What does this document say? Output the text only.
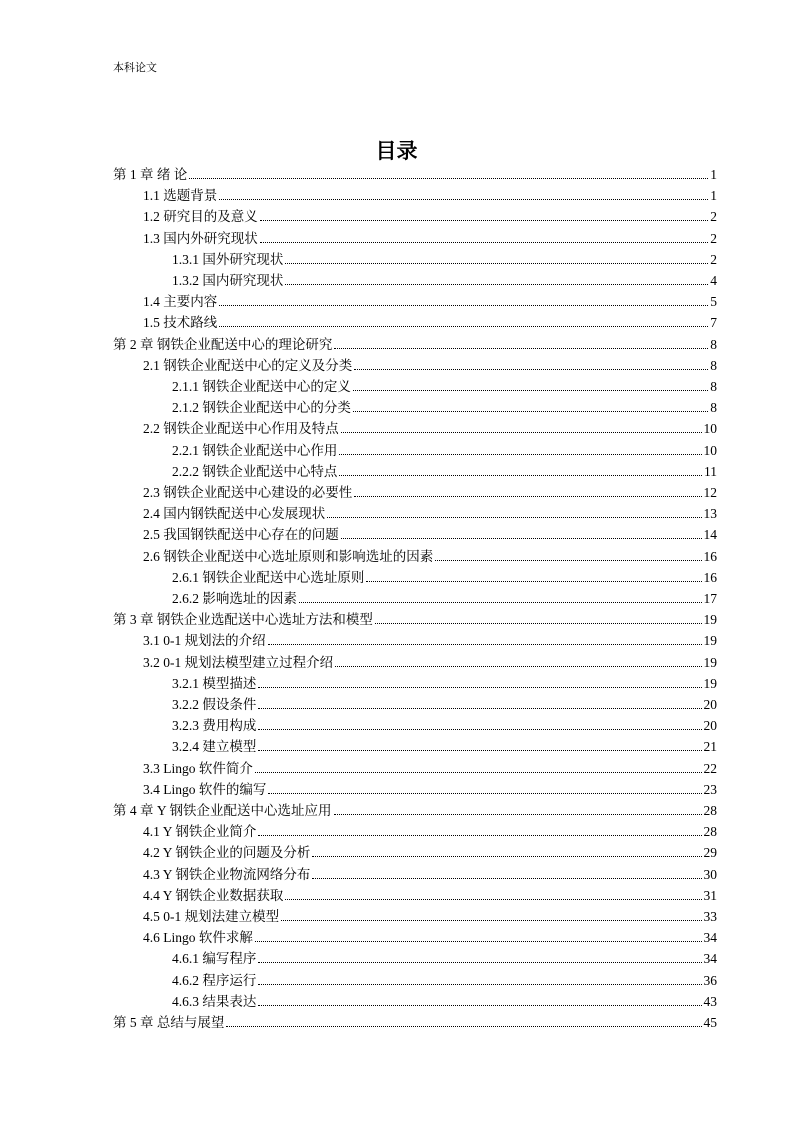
本科论文
目录
第 1 章 绪 论	1
1.1 选题背景	1
1.2 研究目的及意义	2
1.3 国内外研究现状	2
1.3.1 国外研究现状	2
1.3.2 国内研究现状	4
1.4 主要内容	5
1.5 技术路线	7
第 2 章 钢铁企业配送中心的理论研究	8
2.1 钢铁企业配送中心的定义及分类	8
2.1.1 钢铁企业配送中心的定义	8
2.1.2 钢铁企业配送中心的分类	8
2.2 钢铁企业配送中心作用及特点	10
2.2.1 钢铁企业配送中心作用	10
2.2.2 钢铁企业配送中心特点	11
2.3 钢铁企业配送中心建设的必要性	12
2.4 国内钢铁配送中心发展现状	13
2.5 我国钢铁配送中心存在的问题	14
2.6 钢铁企业配送中心选址原则和影响选址的因素	16
2.6.1 钢铁企业配送中心选址原则	16
2.6.2 影响选址的因素	17
第 3 章 钢铁企业选配送中心选址方法和模型	19
3.1 0-1 规划法的介绍	19
3.2 0-1 规划法模型建立过程介绍	19
3.2.1 模型描述	19
3.2.2 假设条件	20
3.2.3 费用构成	20
3.2.4 建立模型	21
3.3 Lingo 软件简介	22
3.4 Lingo 软件的编写	23
第 4 章 Y 钢铁企业配送中心选址应用	28
4.1 Y 钢铁企业简介	28
4.2 Y 钢铁企业的问题及分析	29
4.3 Y 钢铁企业物流网络分布	30
4.4 Y 钢铁企业数据获取	31
4.5 0-1 规划法建立模型	33
4.6 Lingo 软件求解	34
4.6.1 编写程序	34
4.6.2 程序运行	36
4.6.3 结果表达	43
第 5 章 总结与展望	45
